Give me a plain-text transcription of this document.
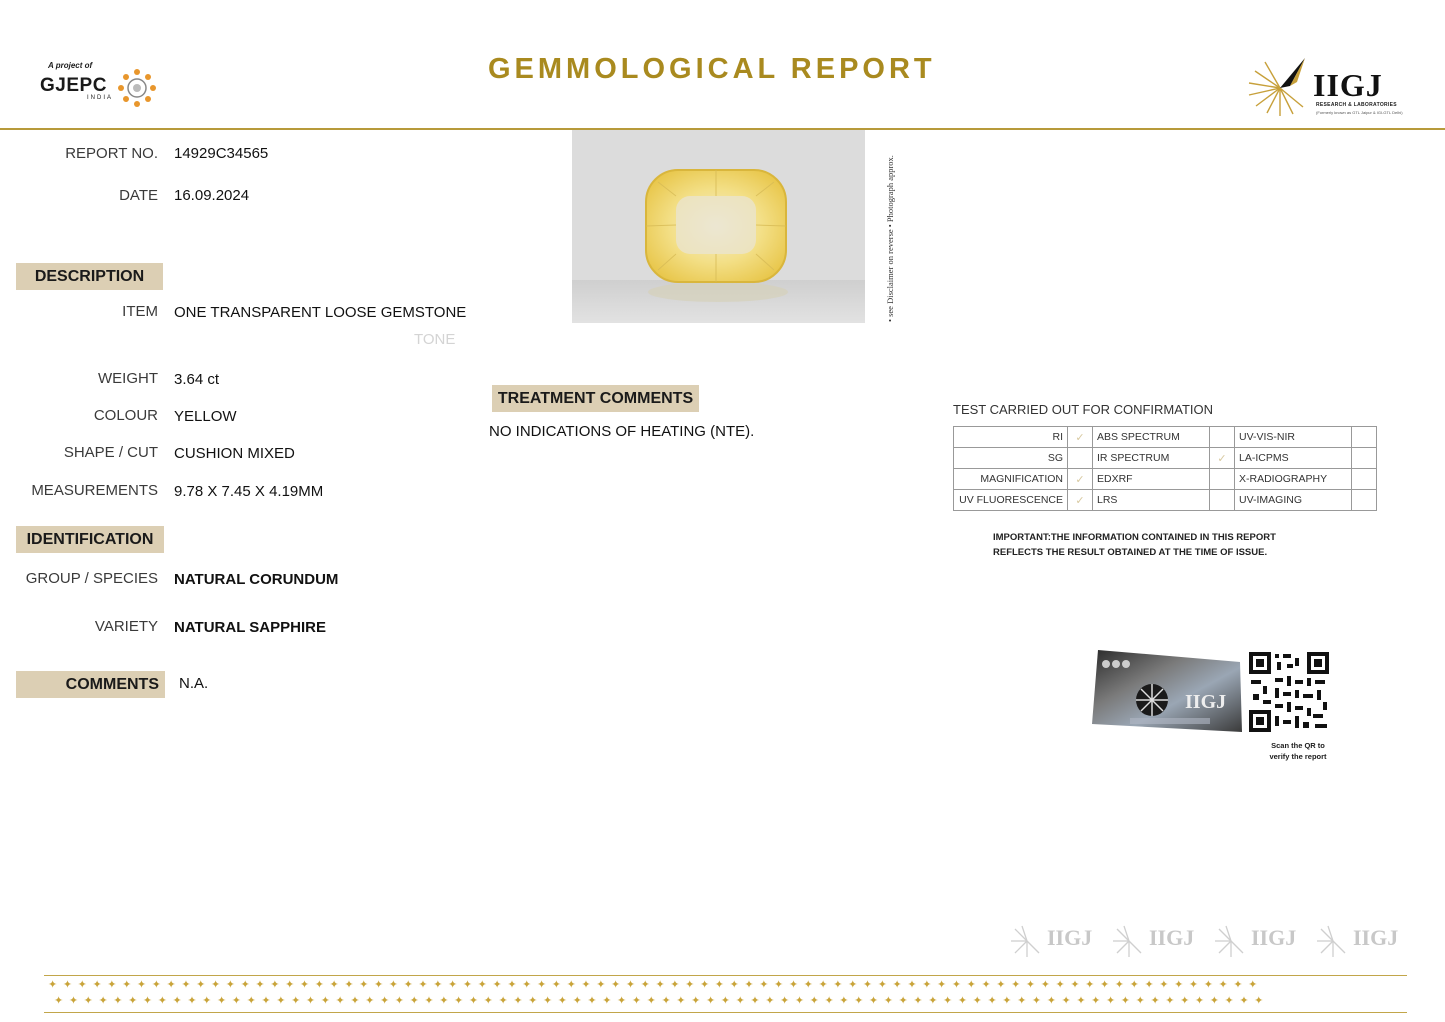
A project of
GJEPC
INDIA
GEMMOLOGICAL REPORT	IIGJ
RESEARCH & LABORATORIES
(Formerly known as GTL Jaipur & IGI-GTL Delhi)
REPORT NO. 14929C34565
DATE 16.09.2024
DESCRIPTION
ITEM ONE TRANSPARENT LOOSE GEMSTONE
TONE
WEIGHT 3.64 ct
COLOUR YELLOW
SHAPE / CUT CUSHION MIXED
MEASUREMENTS 9.78 X 7.45 X 4.19MM
IDENTIFICATION
GROUP / SPECIES NATURAL CORUNDUM
VARIETY NATURAL SAPPHIRE
COMMENTS	N.A.
• see Disclaimer on reverse • Photograph approx.
TREATMENT COMMENTS
NO INDICATIONS OF HEATING (NTE).
TEST CARRIED OUT FOR CONFIRMATION
RI	✓	ABS SPECTRUM		UV-VIS-NIR	
SG		IR SPECTRUM	✓	LA-ICPMS	
MAGNIFICATION	✓	EDXRF		X-RADIOGRAPHY	
UV FLUORESCENCE	✓	LRS		UV-IMAGING	
IMPORTANT:THE INFORMATION CONTAINED IN THIS REPORT REFLECTS THE RESULT OBTAINED AT THE TIME OF ISSUE.
IIGJ
Scan the QR to
verify the report
IIGJ	IIGJ	IIGJ	IIGJ
✦✦✦✦✦✦✦✦✦✦✦✦✦✦✦✦✦✦✦✦✦✦✦✦✦✦✦✦✦✦✦✦✦✦✦✦✦✦✦✦✦✦✦✦✦✦✦✦✦✦✦✦✦✦✦✦✦✦✦✦✦✦✦✦✦✦✦✦✦✦✦✦✦✦✦✦✦✦✦✦✦✦
✦✦✦✦✦✦✦✦✦✦✦✦✦✦✦✦✦✦✦✦✦✦✦✦✦✦✦✦✦✦✦✦✦✦✦✦✦✦✦✦✦✦✦✦✦✦✦✦✦✦✦✦✦✦✦✦✦✦✦✦✦✦✦✦✦✦✦✦✦✦✦✦✦✦✦✦✦✦✦✦✦✦
